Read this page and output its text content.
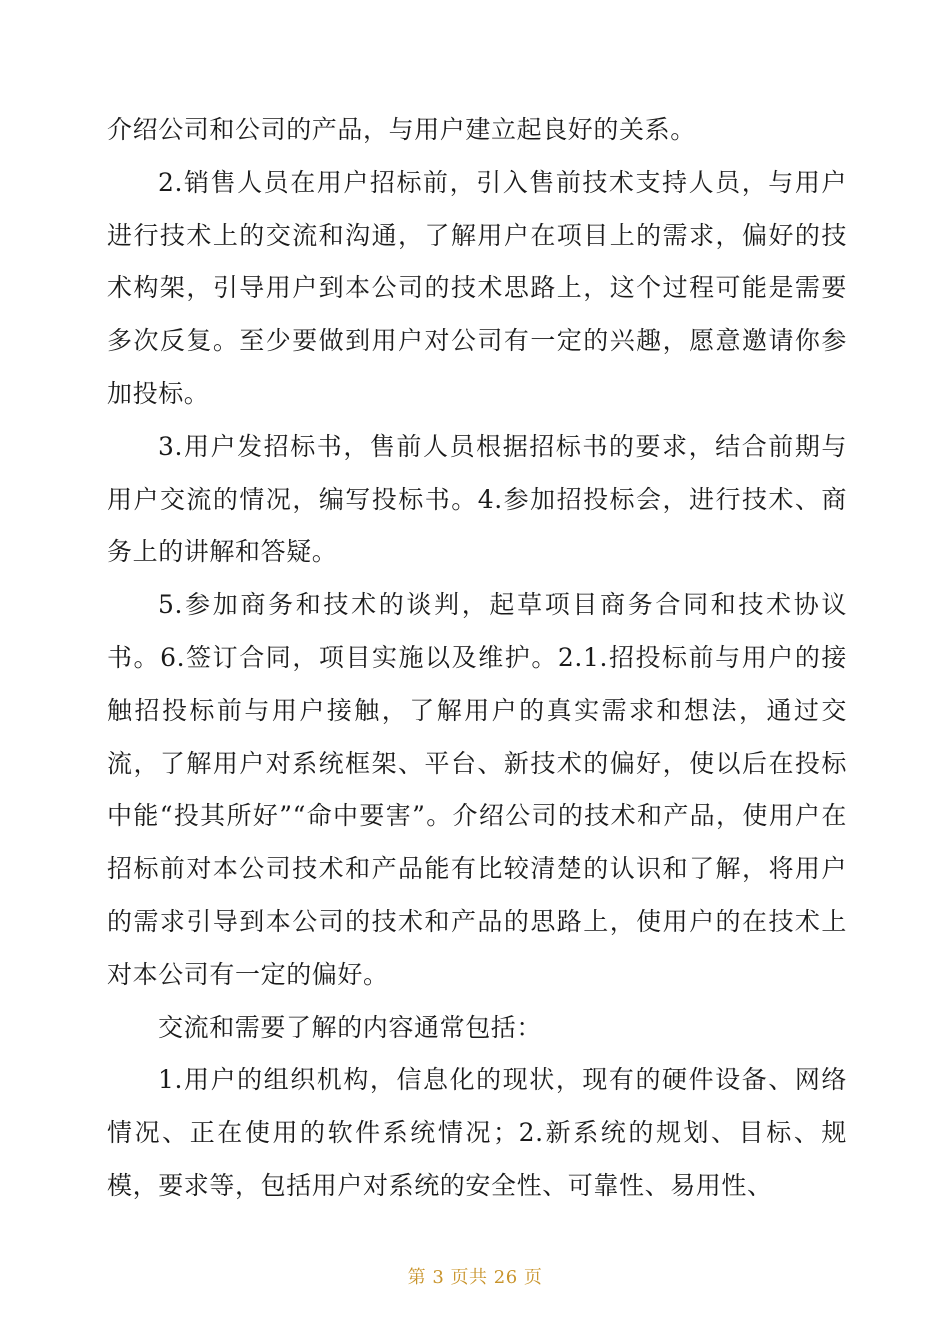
介绍公司和公司的产品，与用户建立起良好的关系。

2.销售人员在用户招标前，引入售前技术支持人员，与用户进行技术上的交流和沟通，了解用户在项目上的需求，偏好的技术构架，引导用户到本公司的技术思路上，这个过程可能是需要多次反复。至少要做到用户对公司有一定的兴趣，愿意邀请你参加投标。

3.用户发招标书，售前人员根据招标书的要求，结合前期与用户交流的情况，编写投标书。4.参加招投标会，进行技术、商务上的讲解和答疑。

5.参加商务和技术的谈判，起草项目商务合同和技术协议书。6.签订合同，项目实施以及维护。2.1.招投标前与用户的接触招投标前与用户接触，了解用户的真实需求和想法，通过交流，了解用户对系统框架、平台、新技术的偏好，使以后在投标中能“投其所好”“命中要害”。介绍公司的技术和产品，使用户在招标前对本公司技术和产品能有比较清楚的认识和了解，将用户的需求引导到本公司的技术和产品的思路上，使用户的在技术上对本公司有一定的偏好。

交流和需要了解的内容通常包括：

1.用户的组织机构，信息化的现状，现有的硬件设备、网络情况、正在使用的软件系统情况；2.新系统的规划、目标、规模，要求等，包括用户对系统的安全性、可靠性、易用性、

第 3 页共 26 页
